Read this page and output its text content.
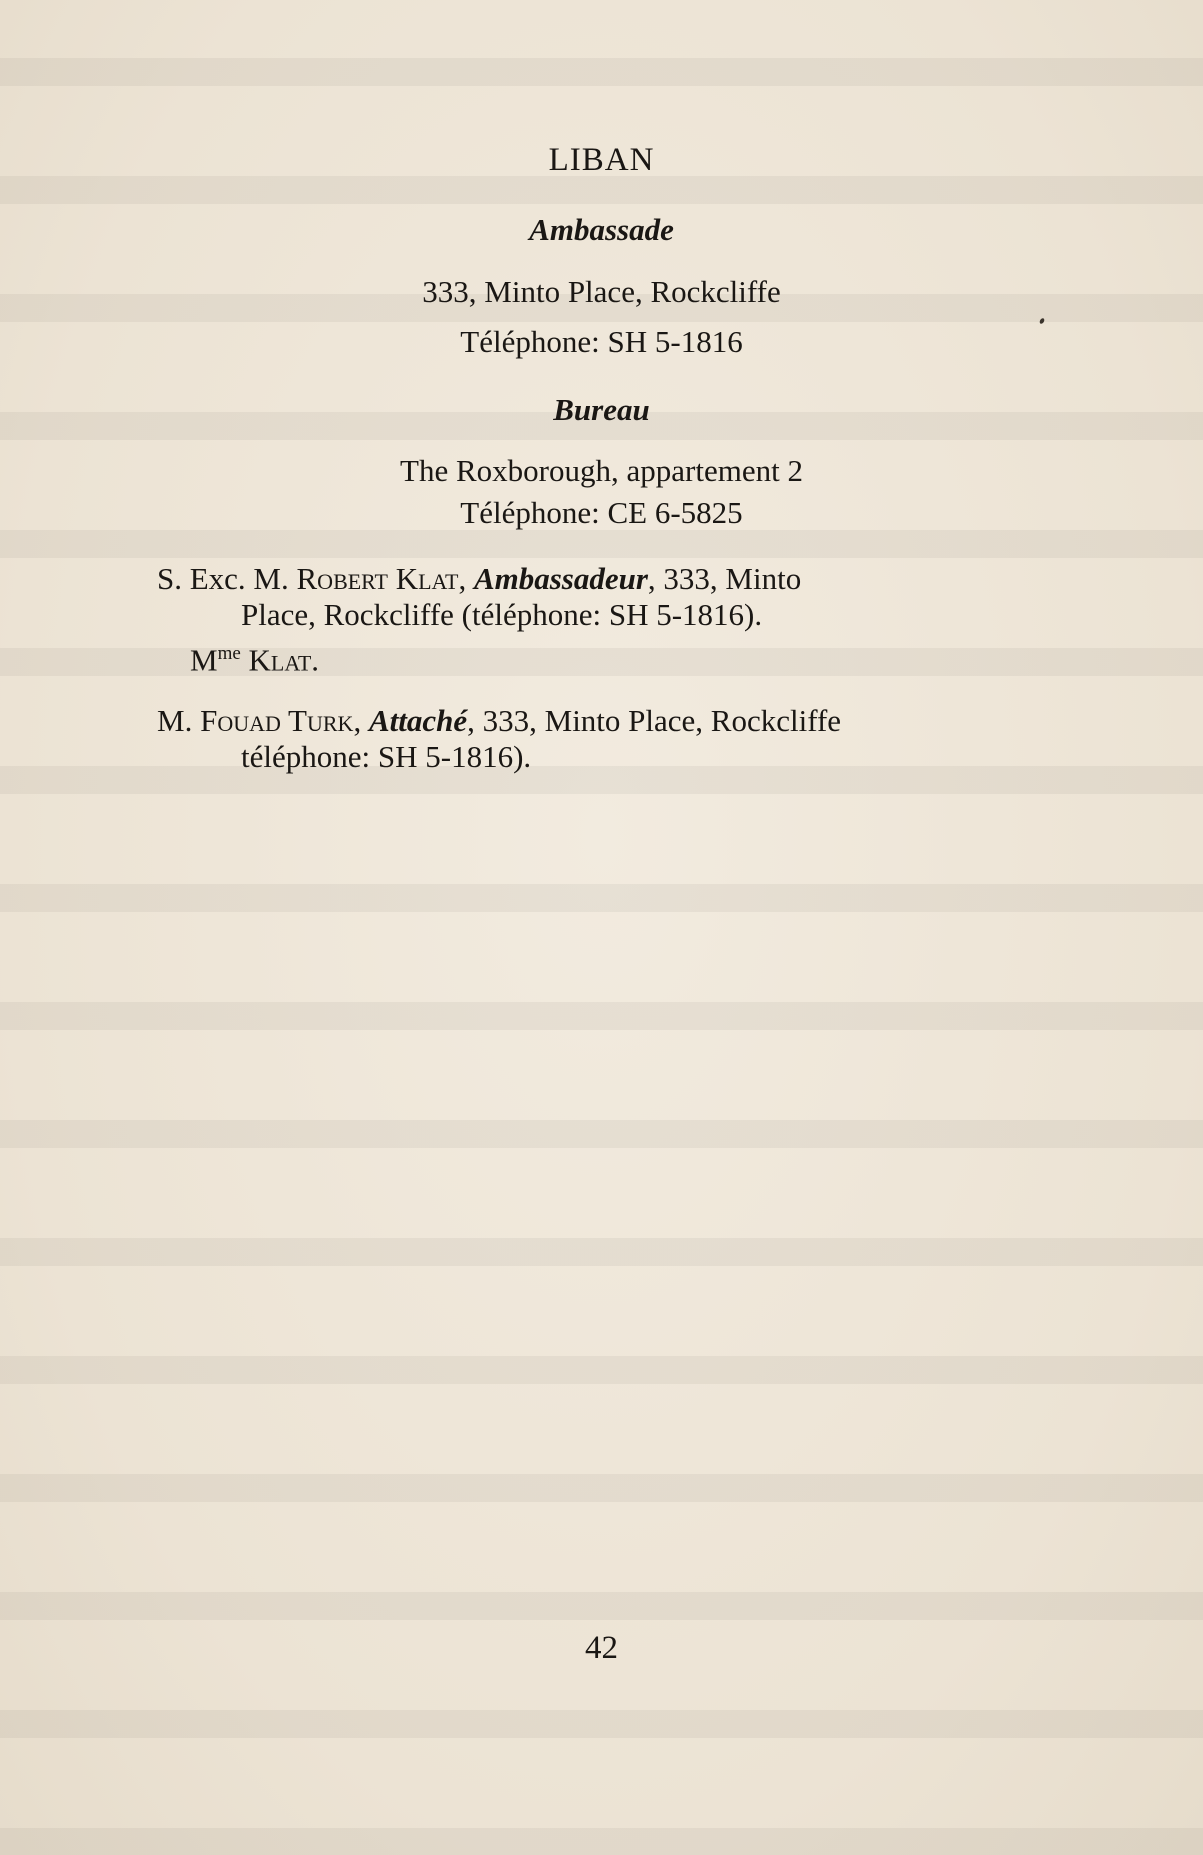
LIBAN
Ambassade
333, Minto Place, Rockcliffe
Téléphone: SH 5-1816
Bureau
The Roxborough, appartement 2
Téléphone: CE 6-5825
S. Exc. M. Robert Klat, Ambassadeur, 333, Minto
Place, Rockcliffe (téléphone: SH 5-1816).
$M^{me}$ Klat.
M. Fouad Turk, Attaché, 333, Minto Place, Rockcliffe
téléphone: SH 5-1816).
42
